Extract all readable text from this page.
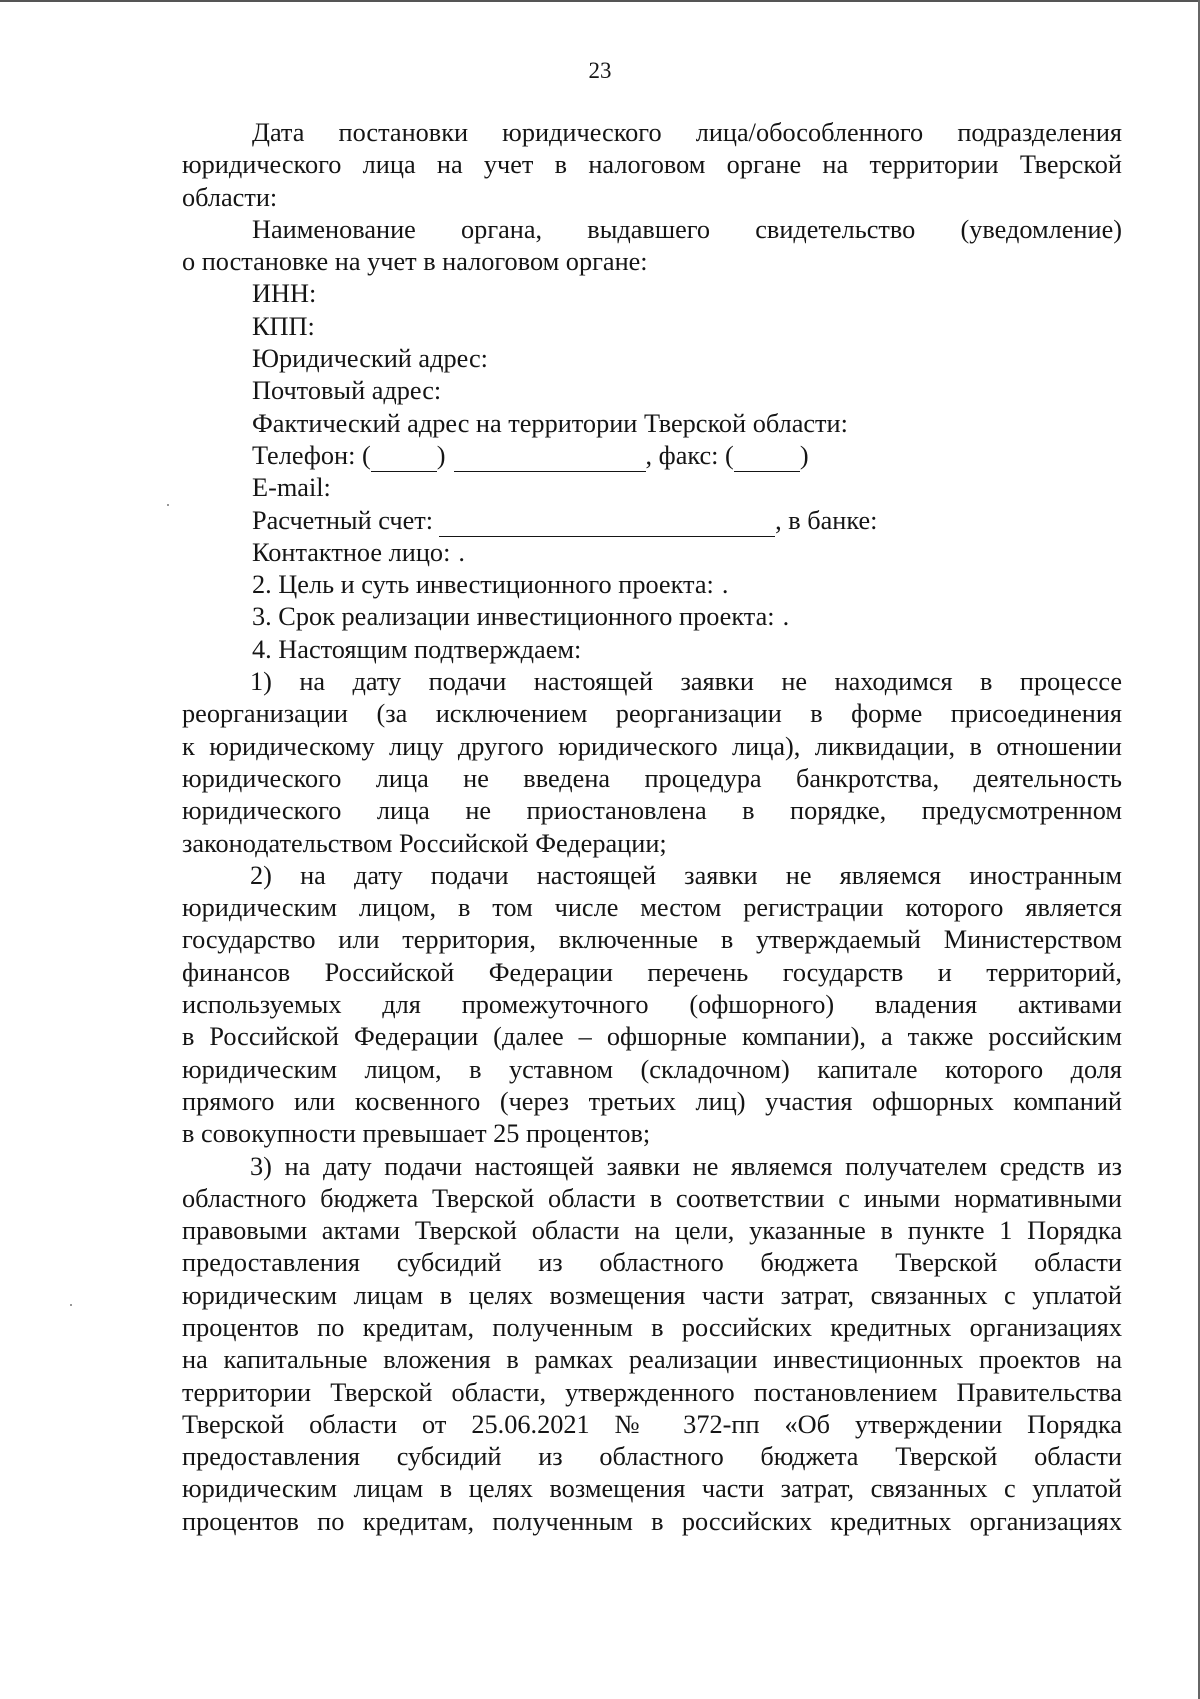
23
Дата постановки юридического лица/обособленного подразделения
юридического лица на учет в налоговом органе на территории Тверской
области:
Наименование органа, выдавшего свидетельство (уведомление)
о постановке на учет в налоговом органе:
ИНН:
КПП:
Юридический адрес:
Почтовый адрес:
Фактический адрес на территории Тверской области:
Телефон: (	)	, факс: (	)
E-mail:
Расчетный счет:	, в банке:
Контактное лицо: .
2. Цель и суть инвестиционного проекта: .
3. Срок реализации инвестиционного проекта: .
4. Настоящим подтверждаем:
1) на дату подачи настоящей заявки не находимся в процессе
реорганизации (за исключением реорганизации в форме присоединения
к юридическому лицу другого юридического лица), ликвидации, в отношении
юридического лица не введена процедура банкротства, деятельность
юридического лица не приостановлена в порядке, предусмотренном
законодательством Российской Федерации;
2) на дату подачи настоящей заявки не являемся иностранным
юридическим лицом, в том числе местом регистрации которого является
государство или территория, включенные в утверждаемый Министерством
финансов Российской Федерации перечень государств и территорий,
используемых для промежуточного (офшорного) владения активами
в Российской Федерации (далее – офшорные компании), а также российским
юридическим лицом, в уставном (складочном) капитале которого доля
прямого или косвенного (через третьих лиц) участия офшорных компаний
в совокупности превышает 25 процентов;
3) на дату подачи настоящей заявки не являемся получателем средств из
областного бюджета Тверской области в соответствии с иными нормативными
правовыми актами Тверской области на цели, указанные в пункте 1 Порядка
предоставления субсидий из областного бюджета Тверской области
юридическим лицам в целях возмещения части затрат, связанных с уплатой
процентов по кредитам, полученным в российских кредитных организациях
на капитальные вложения в рамках реализации инвестиционных проектов на
территории Тверской области, утвержденного постановлением Правительства
Тверской области от 25.06.2021 № 372-пп «Об утверждении Порядка
предоставления субсидий из областного бюджета Тверской области
юридическим лицам в целях возмещения части затрат, связанных с уплатой
процентов по кредитам, полученным в российских кредитных организациях
